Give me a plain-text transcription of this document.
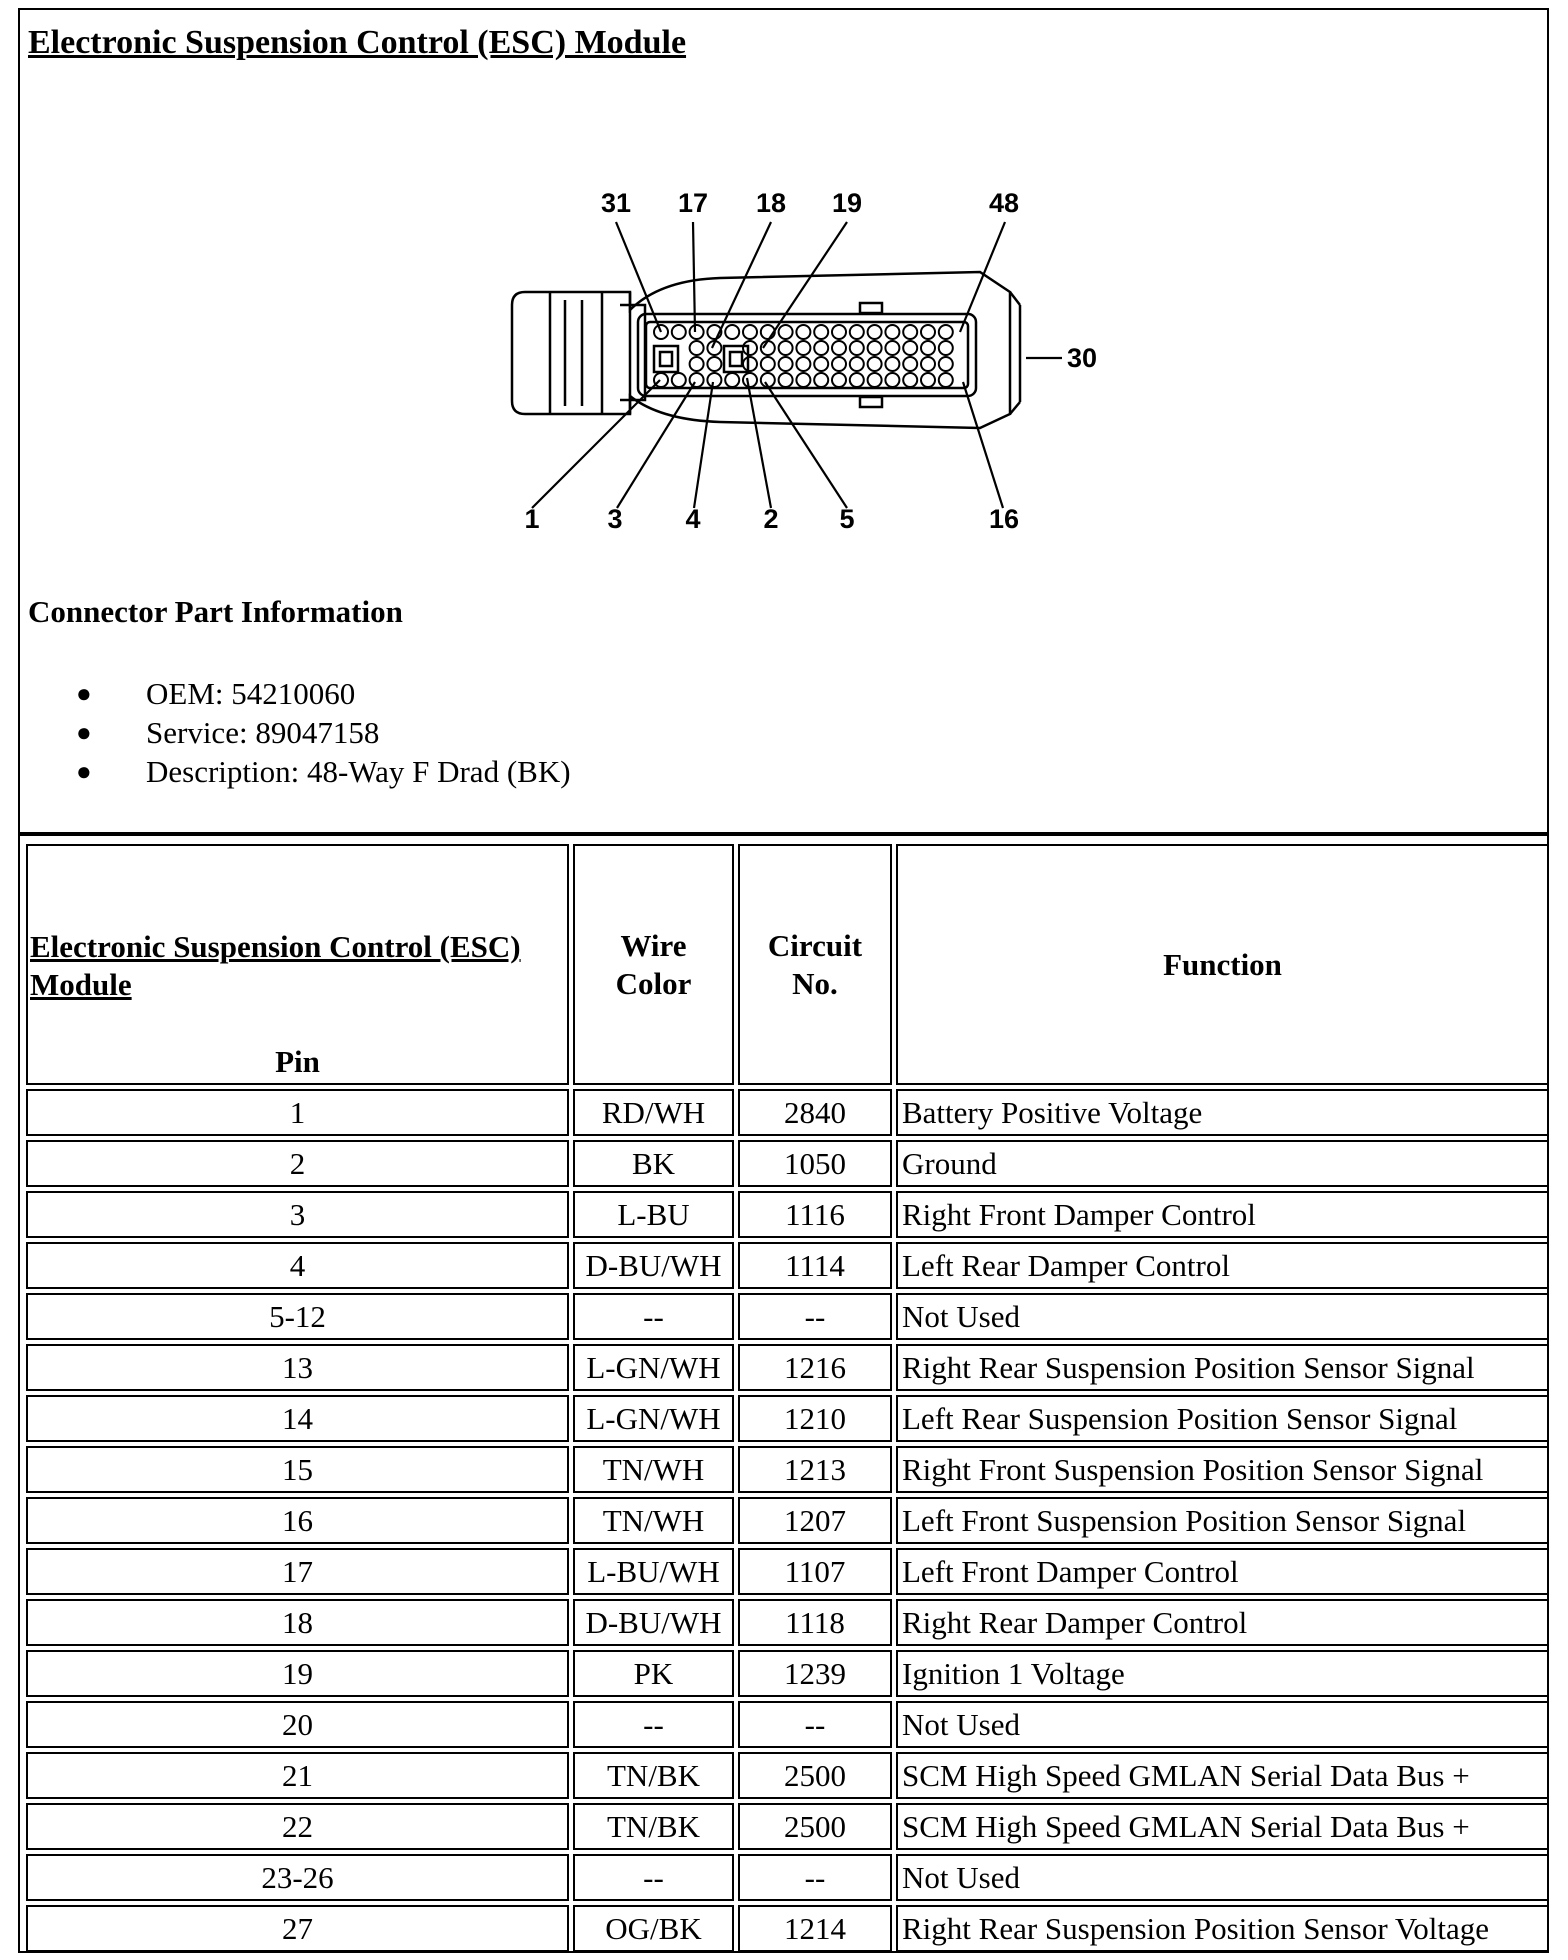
Electronic Suspension Control (ESC) Module
31 17 18 19	48
30
1	3 4 2 5	16
Connector Part Information
● OEM: 54210060
● Service: 89047158
● Description: 48-Way F Drad (BK)
Electronic Suspension Control (ESC) Module
Pin	Wire Color	Circuit No.	Function
1	RD/WH	2840	Battery Positive Voltage
2	BK	1050	Ground
3	L-BU	1116	Right Front Damper Control
4	D-BU/WH	1114	Left Rear Damper Control
5-12	--	--	Not Used
13	L-GN/WH	1216	Right Rear Suspension Position Sensor Signal
14	L-GN/WH	1210	Left Rear Suspension Position Sensor Signal
15	TN/WH	1213	Right Front Suspension Position Sensor Signal
16	TN/WH	1207	Left Front Suspension Position Sensor Signal
17	L-BU/WH	1107	Left Front Damper Control
18	D-BU/WH	1118	Right Rear Damper Control
19	PK	1239	Ignition 1 Voltage
20	--	--	Not Used
21	TN/BK	2500	SCM High Speed GMLAN Serial Data Bus +
22	TN/BK	2500	SCM High Speed GMLAN Serial Data Bus +
23-26	--	--	Not Used
27	OG/BK	1214	Right Rear Suspension Position Sensor Voltage
